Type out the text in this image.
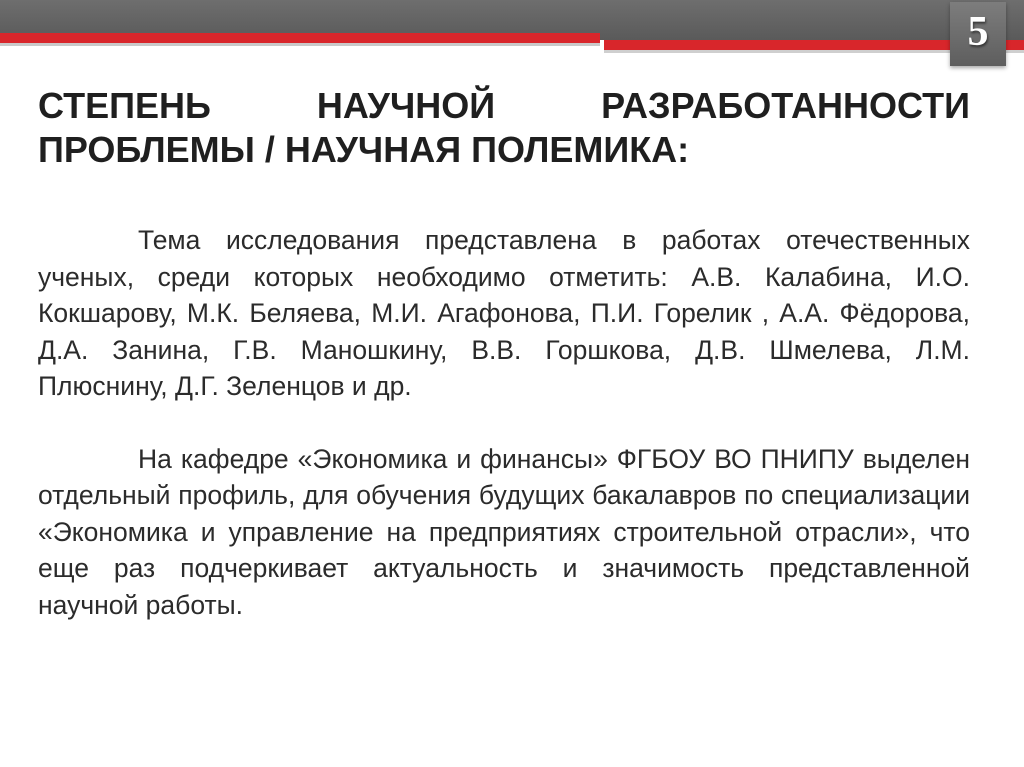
5
СТЕПЕНЬ НАУЧНОЙ РАЗРАБОТАННОСТИ
ПРОБЛЕМЫ / НАУЧНАЯ ПОЛЕМИКА:

Тема исследования представлена в работах отечественных ученых, среди которых необходимо отметить: А.В. Калабина, И.О. Кокшарову, М.К. Беляева, М.И. Агафонова, П.И. Горелик , А.А. Фёдорова, Д.А. Занина, Г.В. Маношкину, В.В. Горшкова, Д.В. Шмелева, Л.М. Плюснину, Д.Г. Зеленцов и др.

На кафедре «Экономика и финансы» ФГБОУ ВО ПНИПУ выделен отдельный профиль, для обучения будущих бакалавров по специализации «Экономика и управление на предприятиях строительной отрасли», что еще раз подчеркивает актуальность и значимость представленной научной работы.
